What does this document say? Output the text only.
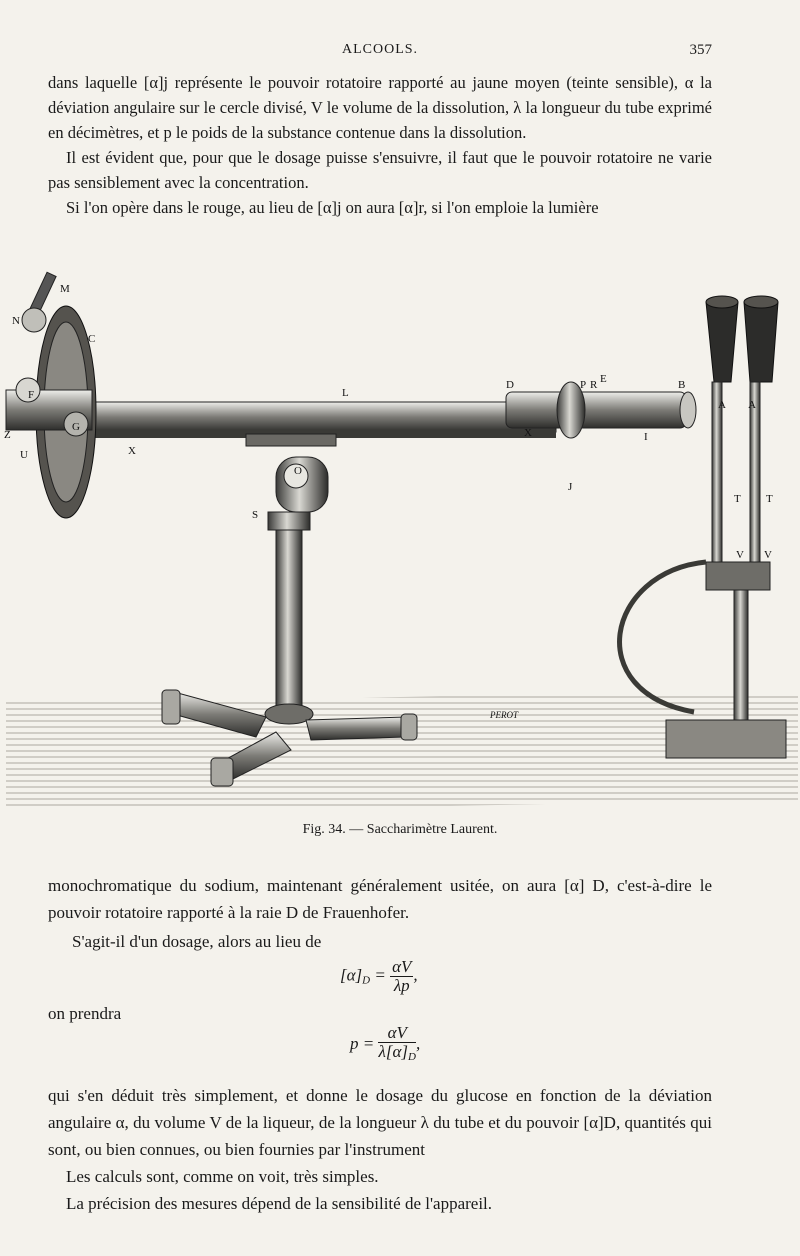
ALCOOLS.	357

dans laquelle [α]j représente le pouvoir rotatoire rapporté au jaune moyen (teinte sensible), α la déviation angulaire sur le cercle divisé, V le volume de la dissolution, λ la longueur du tube exprimé en décimètres, et p le poids de la substance contenue dans la dissolution.

Il est évident que, pour que le dosage puisse s'ensuivre, il faut que le pouvoir rotatoire ne varie pas sensiblement avec la concentration.

Si l'on opère dans le rouge, au lieu de [α]j on aura [α]r, si l'on emploie la lumière

M
N
C
F
G
Z
U	X
L
D	P R E	B
I
X
J
S
O
A A
T T
V V
PEROT
Fig. 34. — Saccharimètre Laurent.

monochromatique du sodium, maintenant généralement usitée, on aura [α] D, c'est-à-dire le pouvoir rotatoire rapporté à la raie D de Frauenhofer.

S'agit-il d'un dosage, alors au lieu de
$[\alpha]_D = \frac{\alpha V}{\lambda p}$ ,
on prendra
$p = \frac{\alpha V}{\lambda[\alpha]_D}$ ,

qui s'en déduit très simplement, et donne le dosage du glucose en fonction de la déviation angulaire α, du volume V de la liqueur, de la longueur λ du tube et du pouvoir [α]D, quantités qui sont, ou bien connues, ou bien fournies par l'instrument

Les calculs sont, comme on voit, très simples.

La précision des mesures dépend de la sensibilité de l'appareil.
